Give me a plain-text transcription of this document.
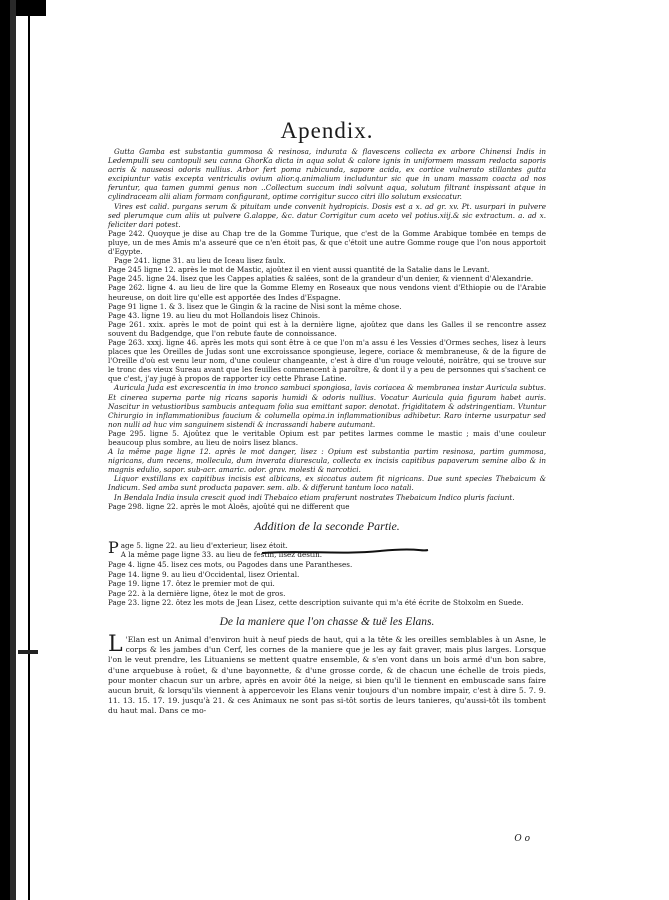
Apendix.

Gutta Gamba est substantia gummosa & resinosa, indurata & flavescens collecta ex arbore Chinensi Indis in Ledempulli seu cantopuli seu canna GhorKa dicta in aqua solut & calore ignis in uniformem massam redacta saporis acris & nauseosi odoris nullius. Arbor fert poma rubicunda, sapore acida, ex cortice vulnerato stillantes gutta excipiuntur vatis excepta ventriculis ovium alior.q.animalium includuntur sic que in unam massam coacta ad nos feruntur, qua tamen gummi genus non ..Collectum succum indi solvunt aqua, solutum filtrant inspissant atque in cylindraceam alii aliam formam configurant, optime corrigitur succo citri illo solutum exsiccatur.

Vires est calid. purgans serum & pituitam unde convenit hydropicis. Dosis est a x. ad gr. xv. Pt. usurpari in pulvere sed plerumque cum aliis ut pulvere G.alappe, &c. datur Corrigitur cum aceto vel potius.xiij.& sic extractum. a. ad x. feliciter dari potest.

Page 242. Quoyque je dise au Chap tre de la Gomme Turique, que c'est de la Gomme Arabique tombée en temps de pluye, un de mes Amis m'a asseuré que ce n'en étoit pas, & que c'étoit une autre Gomme rouge que l'on nous apportoit d'Egypte.

Page 241. ligne 31. au lieu de Iceau lisez faulx.

Page 245 ligne 12. après le mot de Mastic, ajoûtez il en vient aussi quantité de la Satalie dans le Levant.

Page 245. ligne 24. lisez que les Cappes aplaties & salées, sont de la grandeur d'un denier, & viennent d'Alexandrie.

Page 262. ligne 4. au lieu de lire que la Gomme Elemy en Roseaux que nous vendons vient d'Ethiopie ou de l'Arabie heureuse, on doit lire qu'elle est apportée des Indes d'Espagne.

Page 91 ligne 1. & 3. lisez que le Gingin & la racine de Nisi sont la même chose.

Page 43. ligne 19. au lieu du mot Hollandois lisez Chinois.

Page 261. xxix. après le mot de point qui est à la dernière ligne, ajoûtez que dans les Galles il se rencontre assez souvent du Badgendge, que l'on rebute faute de connoissance.

Page 263. xxxj. ligne 46. après les mots qui sont être à ce que l'on m'a assu é les Vessies d'Ormes seches, lisez à leurs places que les Oreilles de Judas sont une excroissance spongieuse, legere, coriace & membraneuse, & de la figure de l'Oreille d'où est venu leur nom, d'une couleur changeante, c'est à dire d'un rouge velouté, noirâtre, qui se trouve sur le tronc des vieux Sureau avant que les feuilles commencent à paroître, & dont il y a peu de personnes qui s'sachent ce que c'est, j'ay jugé à propos de rapporter icy cette Phrase Latine.

Auricula Juda est excrescentia in imo tronco sambuci spongiosa, lavis coriacea & membranea instar Auricula subtus. Et cinerea superna parte nig ricans saporis humidi & odoris nullius. Vocatur Auricula quia figuram habet auris. Nascitur in vetustioribus sambucis antequam folia sua emittant sapor. denotat. frigiditatem & adstringentiam. Vtuntur Chirurgio in inflammationibus faucium & columella opima.in inflammationibus adhibetur. Raro interne usurpatur sed non nulli ad huc vim sanguinem sistendi & incrassandi habere autumant.

Page 295. ligne 5. Ajoûtez que le veritable Opium est par petites larmes comme le mastic ; mais d'une couleur beaucoup plus sombre, au lieu de noirs lisez blancs.

A la même page ligne 12. après le mot danger, lisez : Opium est substantia partim resinosa, partim gummosa, nigricans, dum recens, mollecula, dum inverata diurescula, collecta ex incisis capitibus papaverum semine albo & in magnis edulio, sapor. sub-acr. amaric. odor. grav. molesti & narcotici.

Liquor exstillans ex capitibus incisis est albicans, ex siccatus autem fit nigricans. Due sunt species Thebaicum & Indicum. Sed amba sunt producta papaver. sem. alb. & differunt tantum loco natali.

In Bendala India insula crescit quod indi Thebaico etiam praferunt nostrates Thebaicum Indico pluris faciunt.

Page 298. ligne 22. après le mot Aloës, ajoûté qui ne different que

Addition de la seconde Partie.
P age 5. ligne 22. au lieu d'exterieur, lisez étoit.

A la même page ligne 33. au lieu de festin, lisez destin.

Page 4. ligne 45. lisez ces mots, ou Pagodes dans une Parantheses.

Page 14. ligne 9. au lieu d'Occidental, lisez Oriental.

Page 19. ligne 17. ôtez le premier mot de qui.

Page 22. à la dernière ligne, ôtez le mot de gros.

Page 23. ligne 22. ôtez les mots de Jean Lisez, cette description suivante qui m'a été écrite de Stolxolm en Suede.

De la maniere que l'on chasse & tuë les Elans.
L 'Elan est un Animal d'environ huit à neuf pieds de haut, qui a la tête & les oreilles semblables à un Asne, le corps & les jambes d'un Cerf, les cornes de la maniere que je les ay fait graver, mais plus larges. Lorsque l'on le veut prendre, les Lituaniens se mettent quatre ensemble, & s'en vont dans un bois armé d'un bon sabre, d'une arquebuse à roüet, & d'une bayonnette, & d'une grosse corde, & de chacun une échelle de trois pieds, pour monter chacun sur un arbre, après en avoir ôté la neige, si bien qu'il le tiennent en embuscade sans faire aucun bruit, & lorsqu'ils viennent à appercevoir les Elans venir toujours d'un nombre impair, c'est à dire 5. 7. 9. 11. 13. 15. 17. 19. jusqu'à 21. & ces Animaux ne sont pas si-tôt sortis de leurs tanieres, qu'aussi-tôt ils tombent du haut mal. Dans ce mo-

O o
